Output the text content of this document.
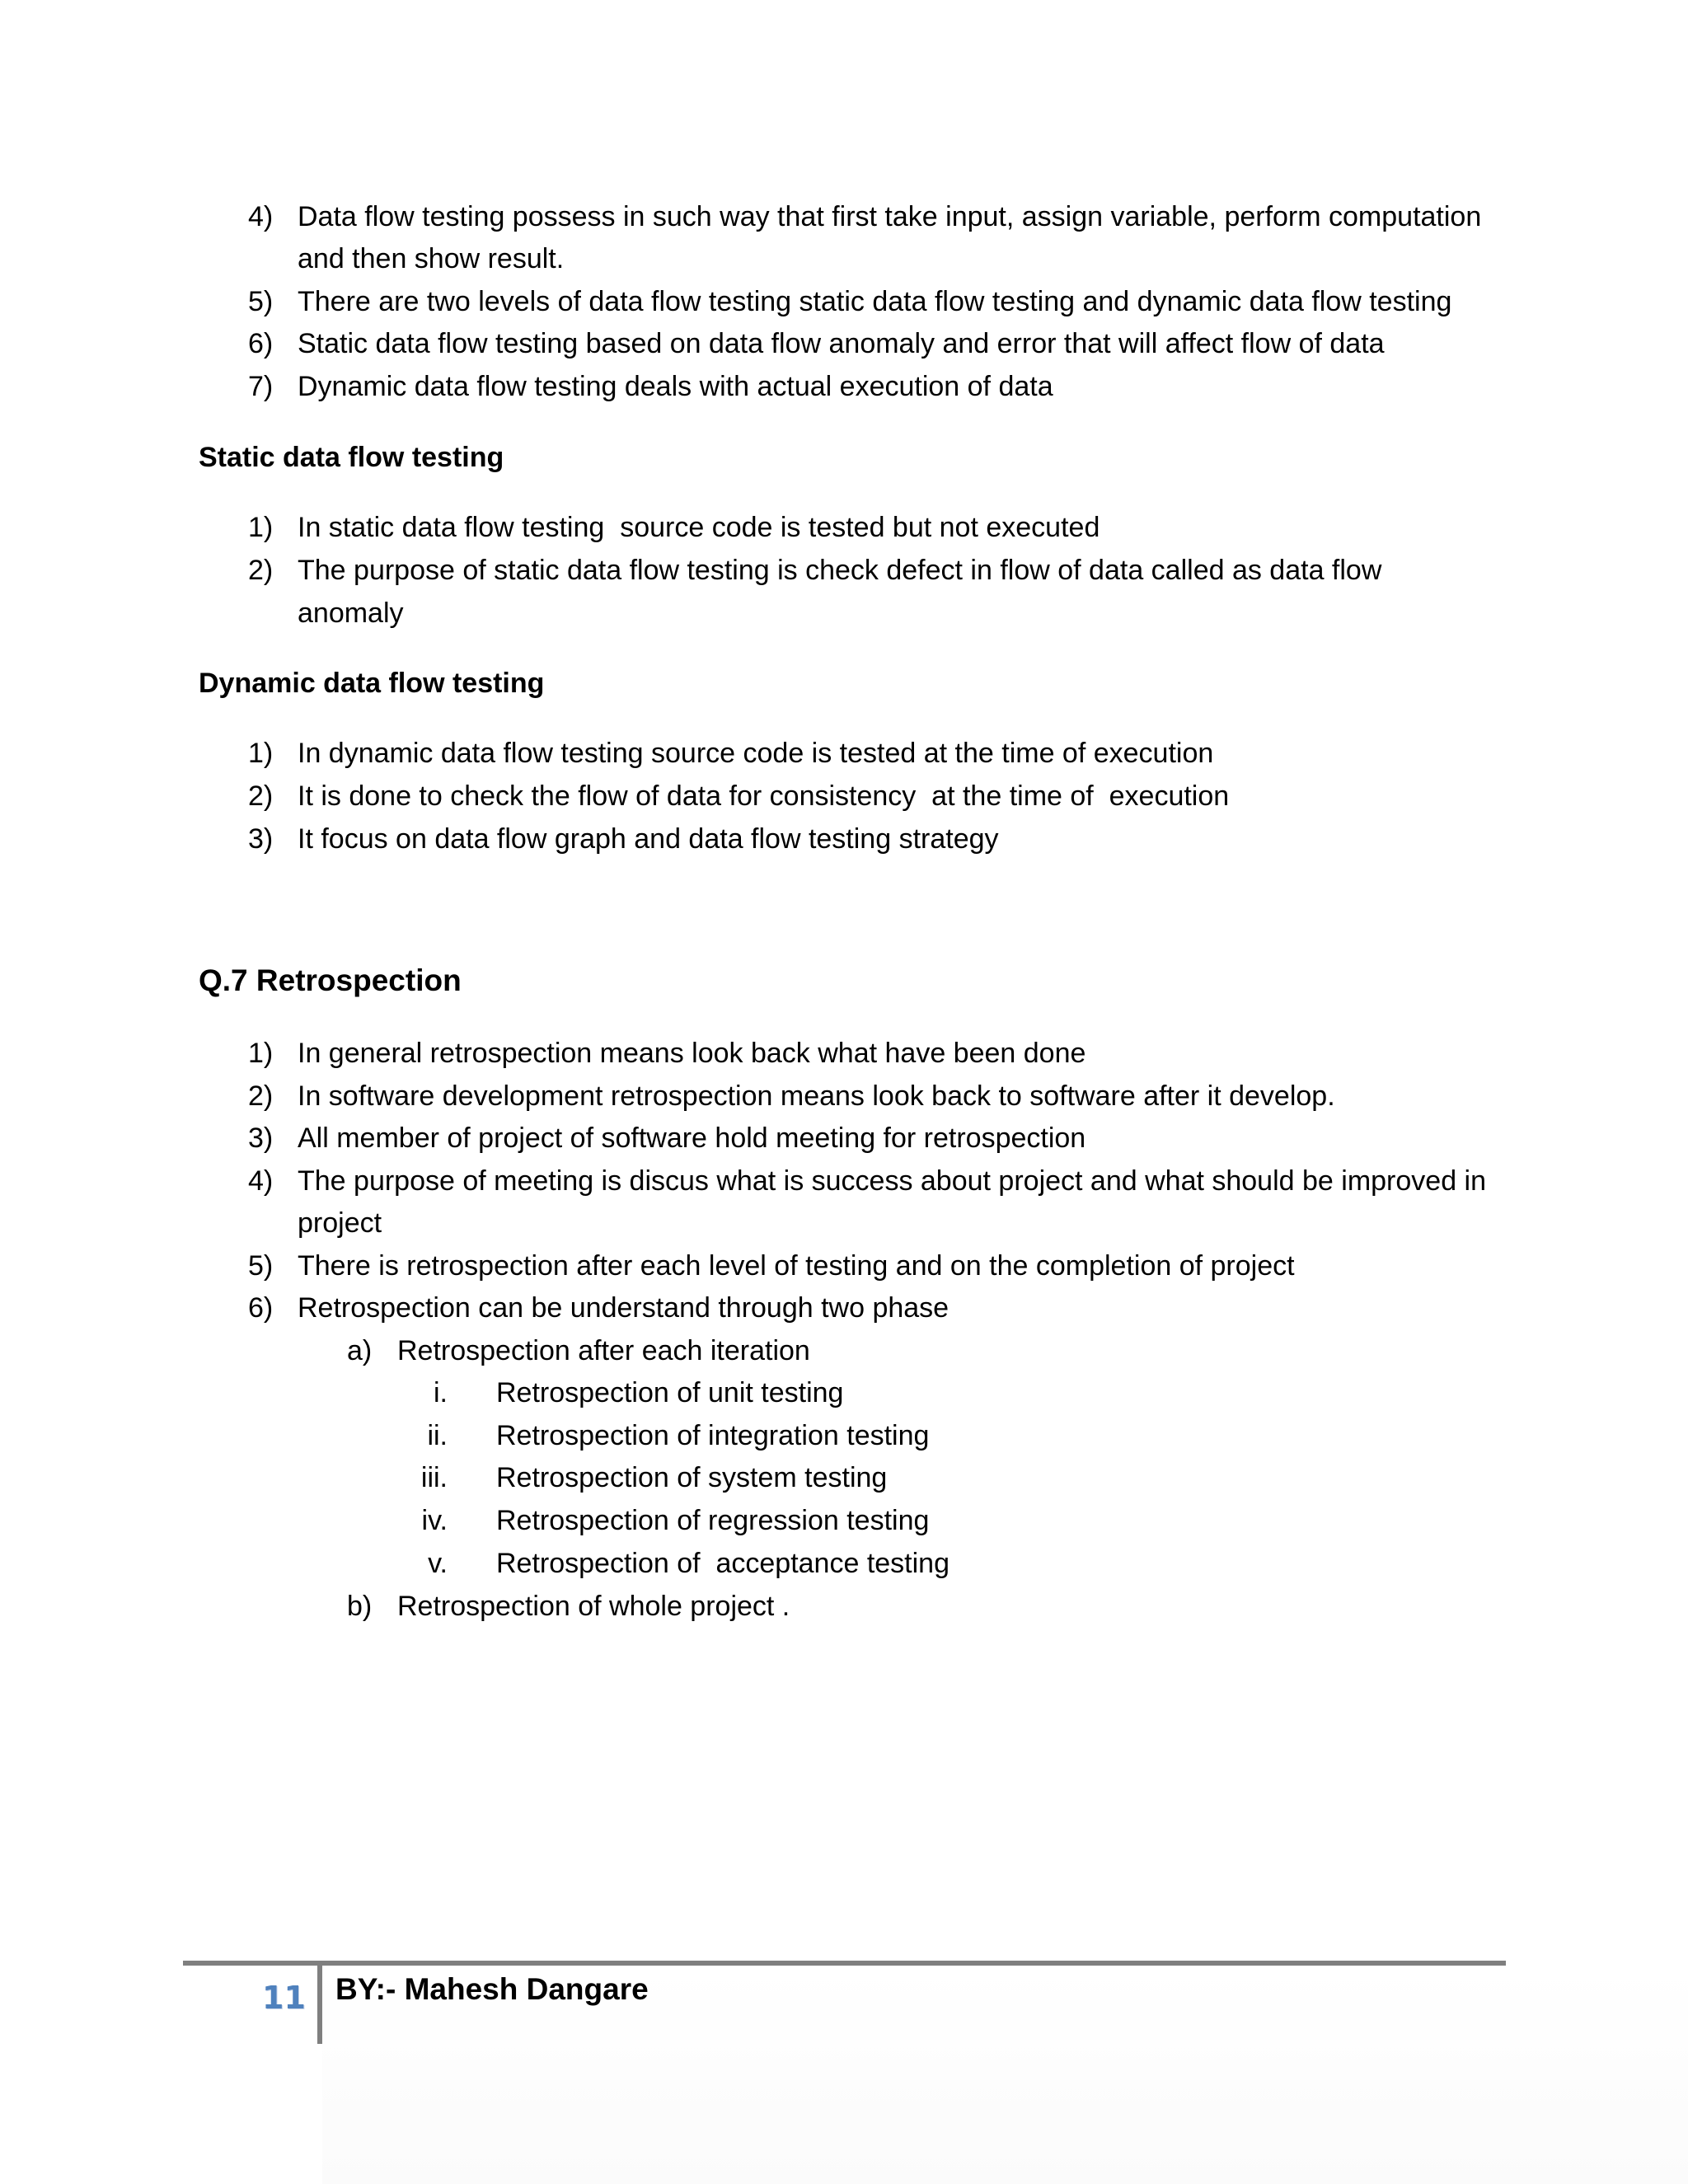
4) Data flow testing possess in such way that first take input, assign variable, perform computation
and then show result.
5) There are two levels of data flow testing static data flow testing and dynamic data flow testing
6) Static data flow testing based on data flow anomaly and error that will affect flow of data
7) Dynamic data flow testing deals with actual execution of data
Static data flow testing
1) In static data flow testing  source code is tested but not executed
2) The purpose of static data flow testing is check defect in flow of data called as data flow
anomaly
Dynamic data flow testing
1) In dynamic data flow testing source code is tested at the time of execution
2) It is done to check the flow of data for consistency  at the time of  execution
3) It focus on data flow graph and data flow testing strategy
Q.7 Retrospection
1) In general retrospection means look back what have been done
2) In software development retrospection means look back to software after it develop.
3) All member of project of software hold meeting for retrospection
4) The purpose of meeting is discus what is success about project and what should be improved in
project
5) There is retrospection after each level of testing and on the completion of project
6) Retrospection can be understand through two phase
a) Retrospection after each iteration
i. Retrospection of unit testing
ii. Retrospection of integration testing
iii. Retrospection of system testing
iv. Retrospection of regression testing
v. Retrospection of  acceptance testing
b) Retrospection of whole project .
11 BY:- Mahesh Dangare
